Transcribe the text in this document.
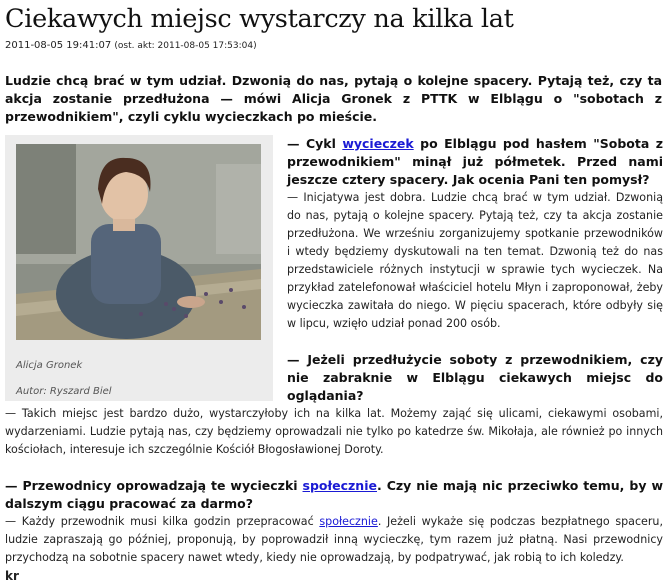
Ciekawych miejsc wystarczy na kilka lat
2011-08-05 19:41:07 (ost. akt: 2011-08-05 17:53:04)
Ludzie chcą brać w tym udział. Dzwonią do nas, pytają o kolejne spacery. Pytają też, czy ta akcja zostanie przedłużona — mówi Alicja Gronek z PTTK w Elblągu o "sobotach z przewodnikiem", czyli cyklu wycieczkach po mieście.
Alicja Gronek
Autor: Ryszard Biel

— Cykl wycieczek po Elblągu pod hasłem "Sobota z przewodnikiem" minął już półmetek. Przed nami jeszcze cztery spacery. Jak ocenia Pani ten pomysł?

— Inicjatywa jest dobra. Ludzie chcą brać w tym udział. Dzwonią do nas, pytają o kolejne spacery. Pytają też, czy ta akcja zostanie przedłużona. We wrześniu zorganizujemy spotkanie przewodników i wtedy będziemy dyskutowali na ten temat. Dzwonią też do nas przedstawiciele różnych instytucji w sprawie tych wycieczek. Na przykład zatelefonował właściciel hotelu Młyn i zaproponował, żeby wycieczka zawitała do niego. W pięciu spacerach, które odbyły się w lipcu, wzięło udział ponad 200 osób.

— Jeżeli przedłużycie soboty z przewodnikiem, czy nie zabraknie w Elblągu ciekawych miejsc do oglądania?

— Takich miejsc jest bardzo dużo, wystarczyłoby ich na kilka lat. Możemy zająć się ulicami, ciekawymi osobami, wydarzeniami. Ludzie pytają nas, czy będziemy oprowadzali nie tylko po katedrze św. Mikołaja, ale również po innych kościołach, interesuje ich szczególnie Kościół Błogosławionej Doroty.

— Przewodnicy oprowadzają te wycieczki społecznie. Czy nie mają nic przeciwko temu, by w dalszym ciągu pracować za darmo?

— Każdy przewodnik musi kilka godzin przepracować społecznie. Jeżeli wykaże się podczas bezpłatnego spaceru, ludzie zapraszają go później, proponują, by poprowadził inną wycieczkę, tym razem już płatną. Nasi przewodnicy przychodzą na sobotnie spacery nawet wtedy, kiedy nie oprowadzają, by podpatrywać, jak robią to ich koledzy.

kr
